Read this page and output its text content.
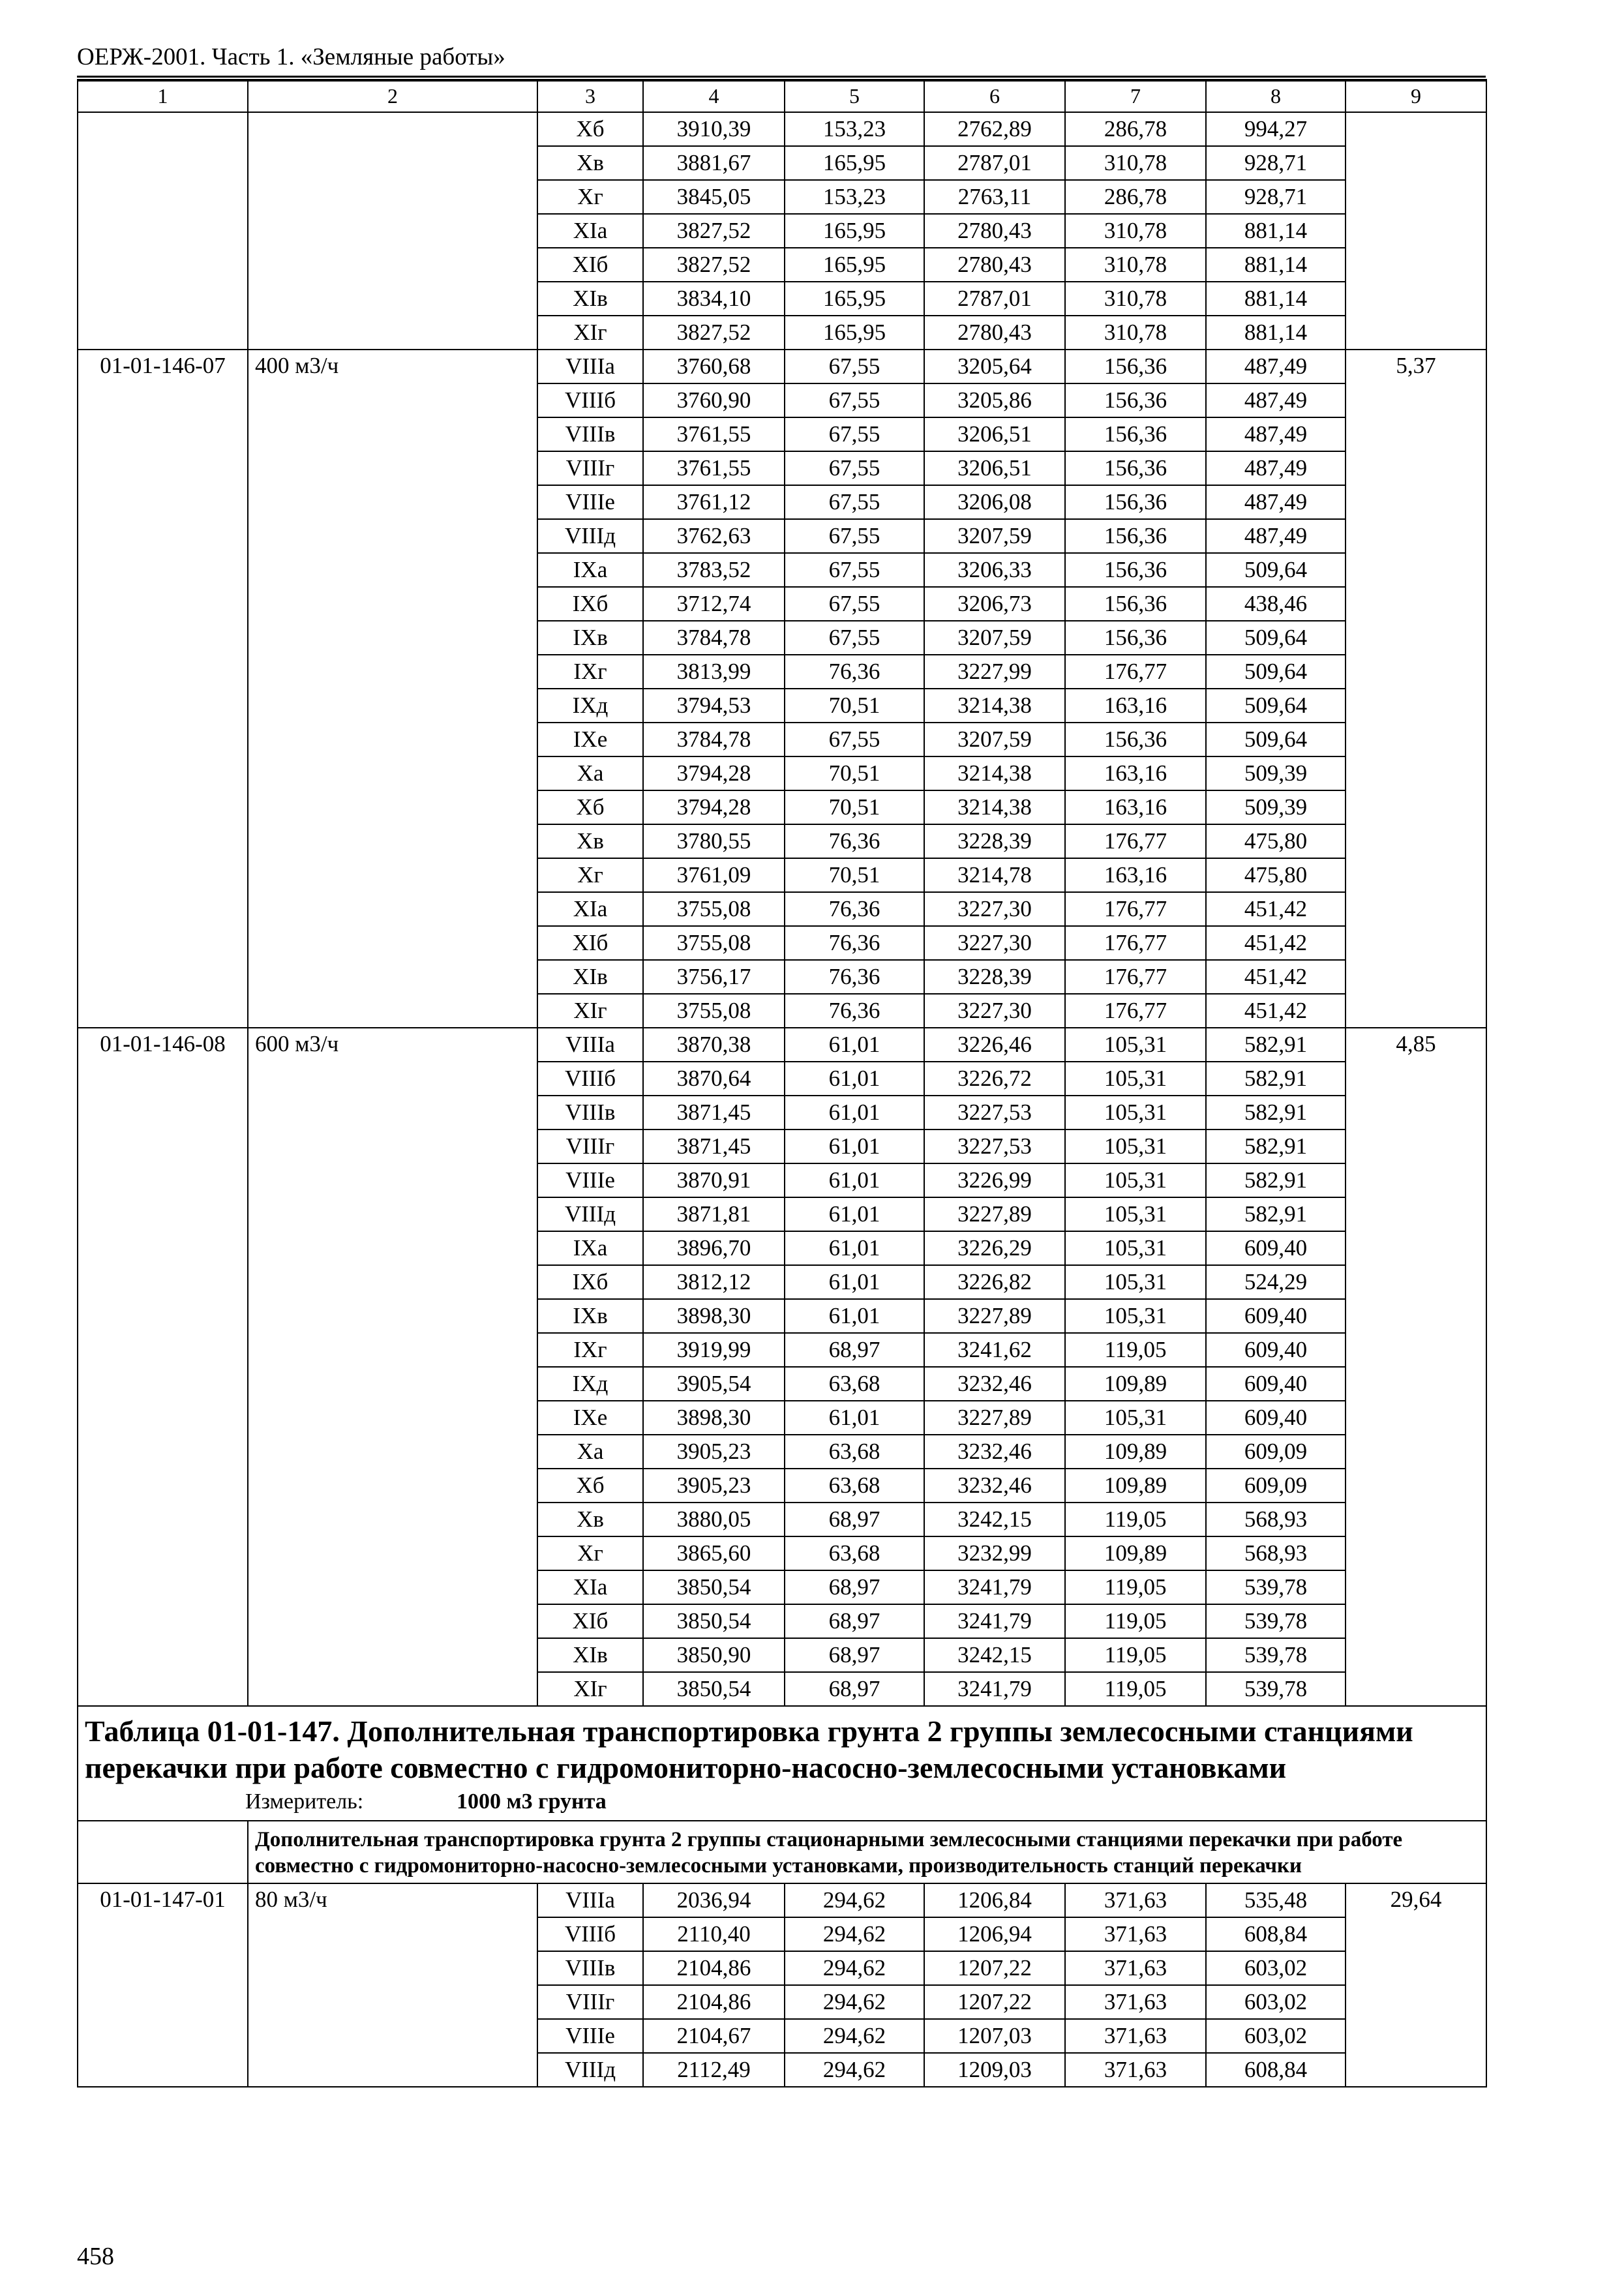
ОЕРЖ-2001. Часть 1. «Земляные работы»
1	2	3	4	5	6	7	8	9
		Xб	3910,39	153,23	2762,89	286,78	994,27	
		Xв	3881,67	165,95	2787,01	310,78	928,71	
		Xг	3845,05	153,23	2763,11	286,78	928,71	
		XIа	3827,52	165,95	2780,43	310,78	881,14	
		XIб	3827,52	165,95	2780,43	310,78	881,14	
		XIв	3834,10	165,95	2787,01	310,78	881,14	
		XIг	3827,52	165,95	2780,43	310,78	881,14	
01-01-146-07	400 м3/ч	VIIIа	3760,68	67,55	3205,64	156,36	487,49	5,37
		VIIIб	3760,90	67,55	3205,86	156,36	487,49	
		VIIIв	3761,55	67,55	3206,51	156,36	487,49	
		VIIIг	3761,55	67,55	3206,51	156,36	487,49	
		VIIIе	3761,12	67,55	3206,08	156,36	487,49	
		VIIIд	3762,63	67,55	3207,59	156,36	487,49	
		IXа	3783,52	67,55	3206,33	156,36	509,64	
		IXб	3712,74	67,55	3206,73	156,36	438,46	
		IXв	3784,78	67,55	3207,59	156,36	509,64	
		IXг	3813,99	76,36	3227,99	176,77	509,64	
		IXд	3794,53	70,51	3214,38	163,16	509,64	
		IXе	3784,78	67,55	3207,59	156,36	509,64	
		Xа	3794,28	70,51	3214,38	163,16	509,39	
		Xб	3794,28	70,51	3214,38	163,16	509,39	
		Xв	3780,55	76,36	3228,39	176,77	475,80	
		Xг	3761,09	70,51	3214,78	163,16	475,80	
		XIа	3755,08	76,36	3227,30	176,77	451,42	
		XIб	3755,08	76,36	3227,30	176,77	451,42	
		XIв	3756,17	76,36	3228,39	176,77	451,42	
		XIг	3755,08	76,36	3227,30	176,77	451,42	
01-01-146-08	600 м3/ч	VIIIа	3870,38	61,01	3226,46	105,31	582,91	4,85
		VIIIб	3870,64	61,01	3226,72	105,31	582,91	
		VIIIв	3871,45	61,01	3227,53	105,31	582,91	
		VIIIг	3871,45	61,01	3227,53	105,31	582,91	
		VIIIе	3870,91	61,01	3226,99	105,31	582,91	
		VIIIд	3871,81	61,01	3227,89	105,31	582,91	
		IXа	3896,70	61,01	3226,29	105,31	609,40	
		IXб	3812,12	61,01	3226,82	105,31	524,29	
		IXв	3898,30	61,01	3227,89	105,31	609,40	
		IXг	3919,99	68,97	3241,62	119,05	609,40	
		IXд	3905,54	63,68	3232,46	109,89	609,40	
		IXе	3898,30	61,01	3227,89	105,31	609,40	
		Xа	3905,23	63,68	3232,46	109,89	609,09	
		Xб	3905,23	63,68	3232,46	109,89	609,09	
		Xв	3880,05	68,97	3242,15	119,05	568,93	
		Xг	3865,60	63,68	3232,99	109,89	568,93	
		XIа	3850,54	68,97	3241,79	119,05	539,78	
		XIб	3850,54	68,97	3241,79	119,05	539,78	
		XIв	3850,90	68,97	3242,15	119,05	539,78	
		XIг	3850,54	68,97	3241,79	119,05	539,78	

Таблица 01-01-147. Дополнительная транспортировка грунта 2 группы землесосными станциями перекачки при работе совместно с гидромониторно-насосно-землесосными установками
Измеритель: 1000 м3 грунта								

	Дополнительная транспортировка грунта 2 группы стационарными землесосными станциями перекачки при работе совместно с гидромониторно-насосно-землесосными установками, производительность станций перекачки							
01-01-147-01	80 м3/ч	VIIIа	2036,94	294,62	1206,84	371,63	535,48	29,64
		VIIIб	2110,40	294,62	1206,94	371,63	608,84	
		VIIIв	2104,86	294,62	1207,22	371,63	603,02	
		VIIIг	2104,86	294,62	1207,22	371,63	603,02	
		VIIIе	2104,67	294,62	1207,03	371,63	603,02	
		VIIIд	2112,49	294,62	1209,03	371,63	608,84	
458
